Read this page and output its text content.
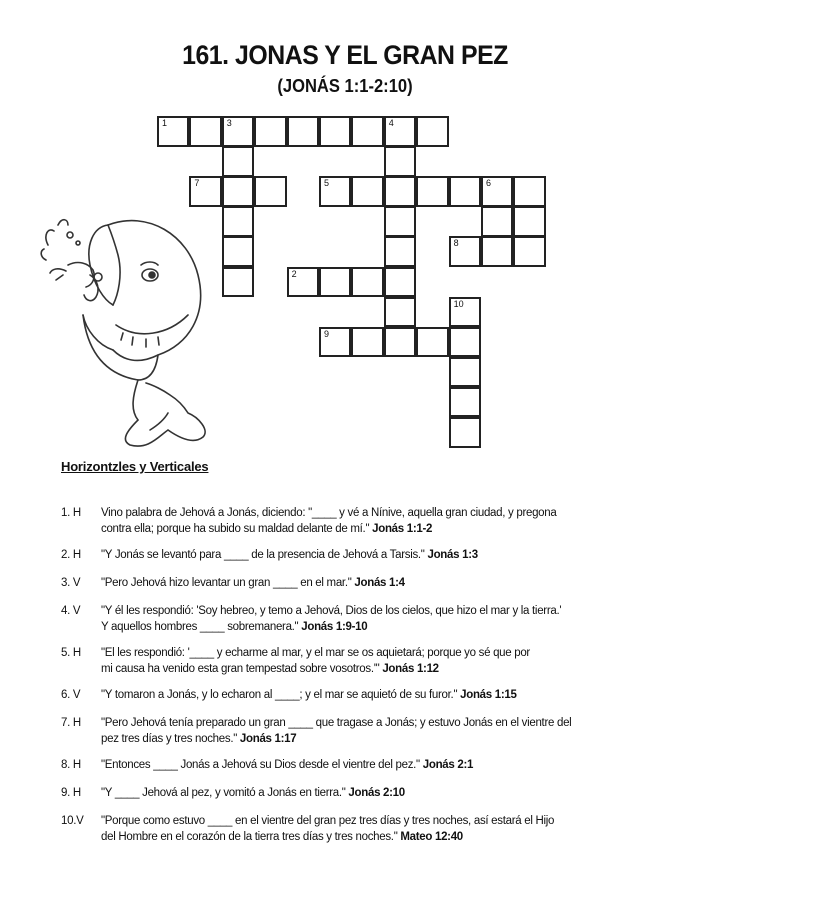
161. JONAS Y EL GRAN PEZ
(JONÁS 1:1-2:10)
1	3	4
7	5	6
8
2
10
9
Horizontzles y Verticales
1. H	Vino palabra de Jehová a Jonás, diciendo: "____ y vé a Nínive, aquella gran ciudad, y pregona
contra ella; porque ha subido su maldad delante de mí." Jonás 1:1-2
2. H	"Y Jonás se levantó para ____ de la presencia de Jehová a Tarsis." Jonás 1:3
3. V	"Pero Jehová hizo levantar un gran ____ en el mar." Jonás 1:4
4. V	"Y él les respondió: 'Soy hebreo, y temo a Jehová, Dios de los cielos, que hizo el mar y la tierra.'
Y aquellos hombres ____ sobremanera." Jonás 1:9-10
5. H	"El les respondió: '____ y echarme al mar, y el mar se os aquietará; porque yo sé que por
mi causa ha venido esta gran tempestad sobre vosotros.'" Jonás 1:12
6. V	"Y tomaron a Jonás, y lo echaron al ____; y el mar se aquietó de su furor." Jonás 1:15
7. H	"Pero Jehová tenía preparado un gran ____ que tragase a Jonás; y estuvo Jonás en el vientre del
pez tres días y tres noches." Jonás 1:17
8. H	"Entonces ____ Jonás a Jehová su Dios desde el vientre del pez." Jonás 2:1
9. H	"Y ____ Jehová al pez, y vomitó a Jonás en tierra." Jonás 2:10
10.V	"Porque como estuvo ____ en el vientre del gran pez tres días y tres noches, así estará el Hijo
del Hombre en el corazón de la tierra tres días y tres noches." Mateo 12:40
